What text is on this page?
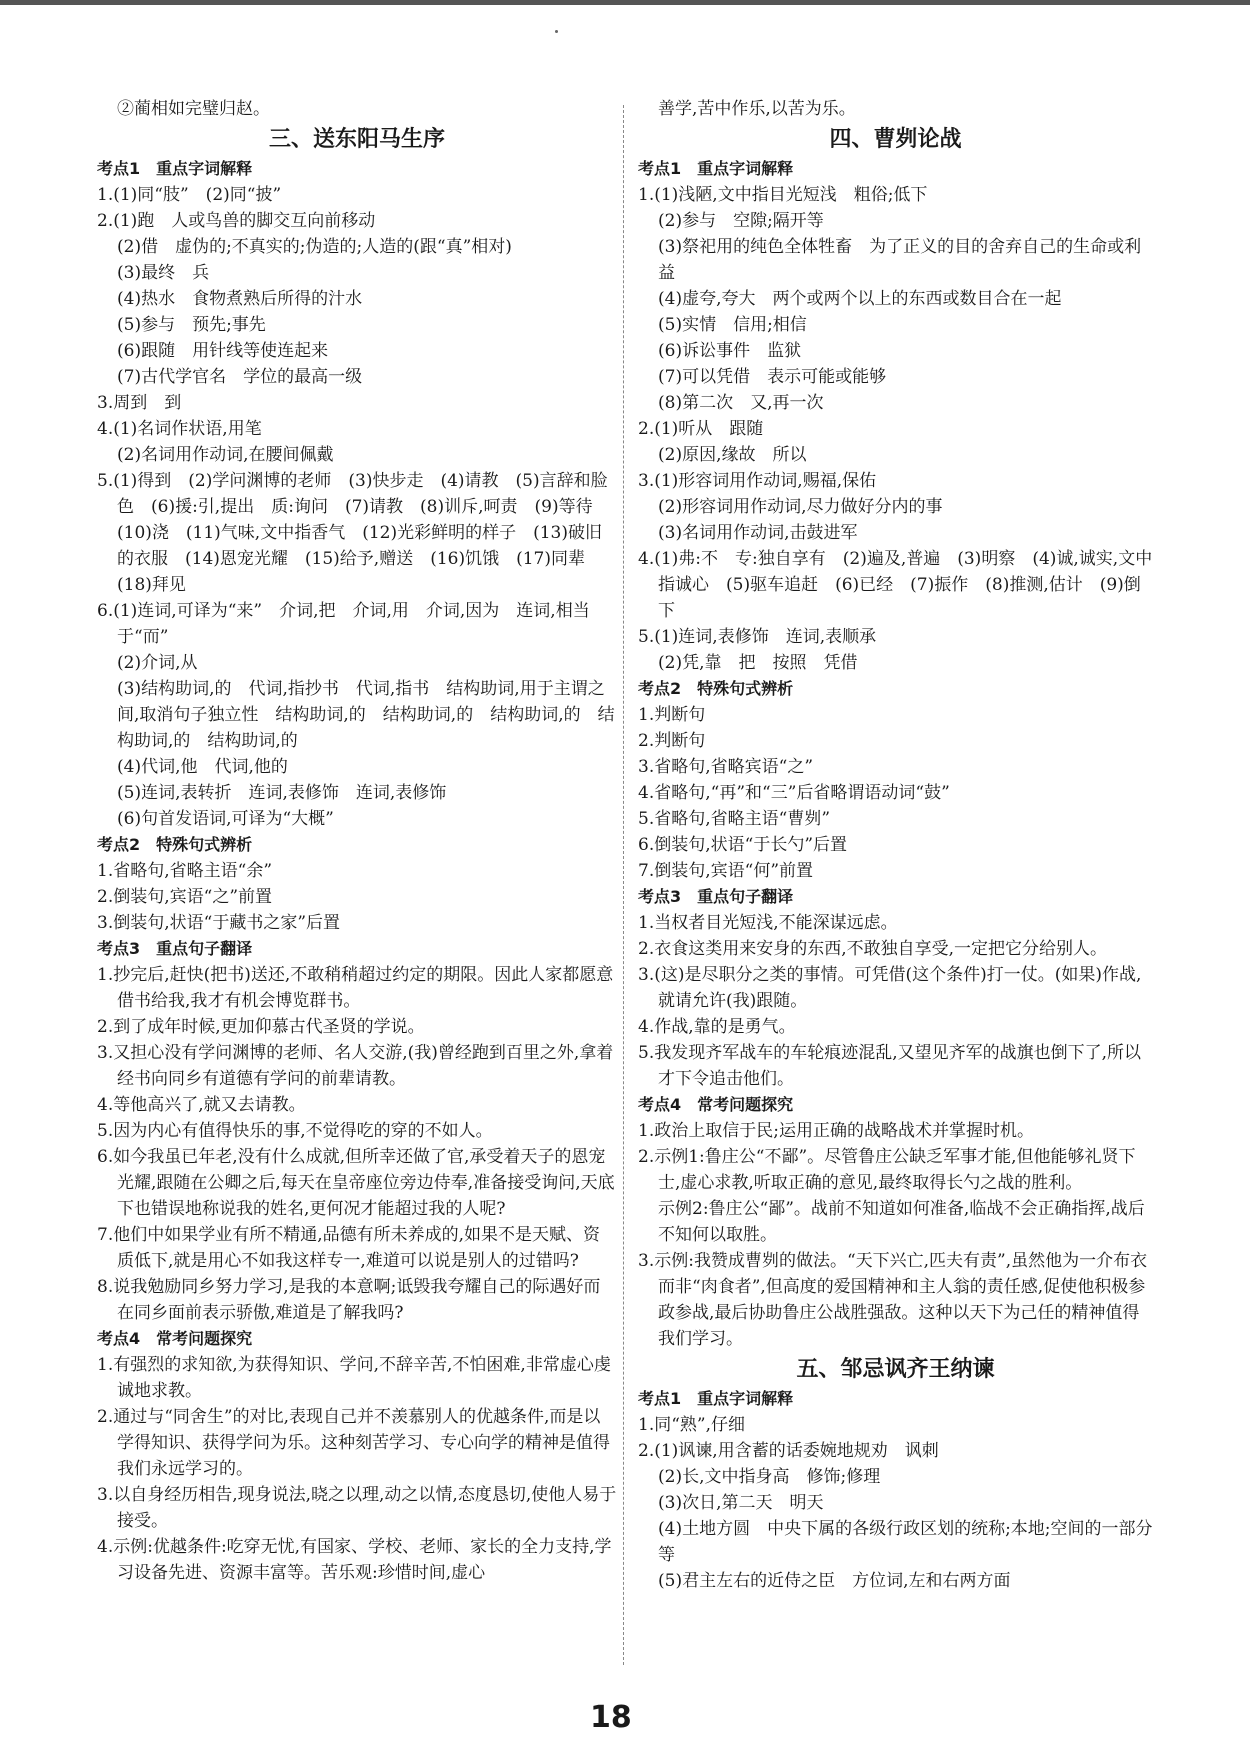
②蔺相如完璧归赵。

三、送东阳马生序

考点1　重点字词解释

1.(1)同“肢”　(2)同“披”

2.(1)跑　人或鸟兽的脚交互向前移动

(2)借　虚伪的;不真实的;伪造的;人造的(跟“真”相对)

(3)最终　兵

(4)热水　食物煮熟后所得的汁水

(5)参与　预先;事先

(6)跟随　用针线等使连起来

(7)古代学官名　学位的最高一级

3.周到　到

4.(1)名词作状语,用笔

(2)名词用作动词,在腰间佩戴

5.(1)得到　(2)学问渊博的老师　(3)快步走　(4)请教　(5)言辞和脸色　(6)援:引,提出　质:询问　(7)请教　(8)训斥,呵责　(9)等待　(10)浇　(11)气味,文中指香气　(12)光彩鲜明的样子　(13)破旧的衣服　(14)恩宠光耀　(15)给予,赠送　(16)饥饿　(17)同辈　(18)拜见

6.(1)连词,可译为“来”　介词,把　介词,用　介词,因为　连词,相当于“而”

(2)介词,从

(3)结构助词,的　代词,指抄书　代词,指书　结构助词,用于主谓之间,取消句子独立性　结构助词,的　结构助词,的　结构助词,的　结构助词,的　结构助词,的

(4)代词,他　代词,他的

(5)连词,表转折　连词,表修饰　连词,表修饰

(6)句首发语词,可译为“大概”

考点2　特殊句式辨析

1.省略句,省略主语“余”

2.倒装句,宾语“之”前置

3.倒装句,状语“于藏书之家”后置

考点3　重点句子翻译

1.抄完后,赶快(把书)送还,不敢稍稍超过约定的期限。因此人家都愿意借书给我,我才有机会博览群书。

2.到了成年时候,更加仰慕古代圣贤的学说。

3.又担心没有学问渊博的老师、名人交游,(我)曾经跑到百里之外,拿着经书向同乡有道德有学问的前辈请教。

4.等他高兴了,就又去请教。

5.因为内心有值得快乐的事,不觉得吃的穿的不如人。

6.如今我虽已年老,没有什么成就,但所幸还做了官,承受着天子的恩宠光耀,跟随在公卿之后,每天在皇帝座位旁边侍奉,准备接受询问,天底下也错误地称说我的姓名,更何况才能超过我的人呢?

7.他们中如果学业有所不精通,品德有所未养成的,如果不是天赋、资质低下,就是用心不如我这样专一,难道可以说是别人的过错吗?

8.说我勉励同乡努力学习,是我的本意啊;诋毁我夸耀自己的际遇好而在同乡面前表示骄傲,难道是了解我吗?

考点4　常考问题探究

1.有强烈的求知欲,为获得知识、学问,不辞辛苦,不怕困难,非常虚心虔诚地求教。

2.通过与“同舍生”的对比,表现自己并不羡慕别人的优越条件,而是以学得知识、获得学问为乐。这种刻苦学习、专心向学的精神是值得我们永远学习的。

3.以自身经历相告,现身说法,晓之以理,动之以情,态度恳切,使他人易于接受。

4.示例:优越条件:吃穿无忧,有国家、学校、老师、家长的全力支持,学习设备先进、资源丰富等。苦乐观:珍惜时间,虚心

善学,苦中作乐,以苦为乐。

四、曹刿论战

考点1　重点字词解释

1.(1)浅陋,文中指目光短浅　粗俗;低下

(2)参与　空隙;隔开等

(3)祭祀用的纯色全体牲畜　为了正义的目的舍弃自己的生命或利益

(4)虚夸,夸大　两个或两个以上的东西或数目合在一起

(5)实情　信用;相信

(6)诉讼事件　监狱

(7)可以凭借　表示可能或能够

(8)第二次　又,再一次

2.(1)听从　跟随

(2)原因,缘故　所以

3.(1)形容词用作动词,赐福,保佑

(2)形容词用作动词,尽力做好分内的事

(3)名词用作动词,击鼓进军

4.(1)弗:不　专:独自享有　(2)遍及,普遍　(3)明察　(4)诚,诚实,文中指诚心　(5)驱车追赶　(6)已经　(7)振作　(8)推测,估计　(9)倒下

5.(1)连词,表修饰　连词,表顺承

(2)凭,靠　把　按照　凭借

考点2　特殊句式辨析

1.判断句

2.判断句

3.省略句,省略宾语“之”

4.省略句,“再”和“三”后省略谓语动词“鼓”

5.省略句,省略主语“曹刿”

6.倒装句,状语“于长勺”后置

7.倒装句,宾语“何”前置

考点3　重点句子翻译

1.当权者目光短浅,不能深谋远虑。

2.衣食这类用来安身的东西,不敢独自享受,一定把它分给别人。

3.(这)是尽职分之类的事情。可凭借(这个条件)打一仗。(如果)作战,就请允许(我)跟随。

4.作战,靠的是勇气。

5.我发现齐军战车的车轮痕迹混乱,又望见齐军的战旗也倒下了,所以才下令追击他们。

考点4　常考问题探究

1.政治上取信于民;运用正确的战略战术并掌握时机。

2.示例1:鲁庄公“不鄙”。尽管鲁庄公缺乏军事才能,但他能够礼贤下士,虚心求教,听取正确的意见,最终取得长勺之战的胜利。

示例2:鲁庄公“鄙”。战前不知道如何准备,临战不会正确指挥,战后不知何以取胜。

3.示例:我赞成曹刿的做法。“天下兴亡,匹夫有责”,虽然他为一介布衣而非“肉食者”,但高度的爱国精神和主人翁的责任感,促使他积极参政参战,最后协助鲁庄公战胜强敌。这种以天下为己任的精神值得我们学习。

五、邹忌讽齐王纳谏

考点1　重点字词解释

1.同“熟”,仔细

2.(1)讽谏,用含蓄的话委婉地规劝　讽刺

(2)长,文中指身高　修饰;修理

(3)次日,第二天　明天

(4)土地方圆　中央下属的各级行政区划的统称;本地;空间的一部分等

(5)君主左右的近侍之臣　方位词,左和右两方面

18
